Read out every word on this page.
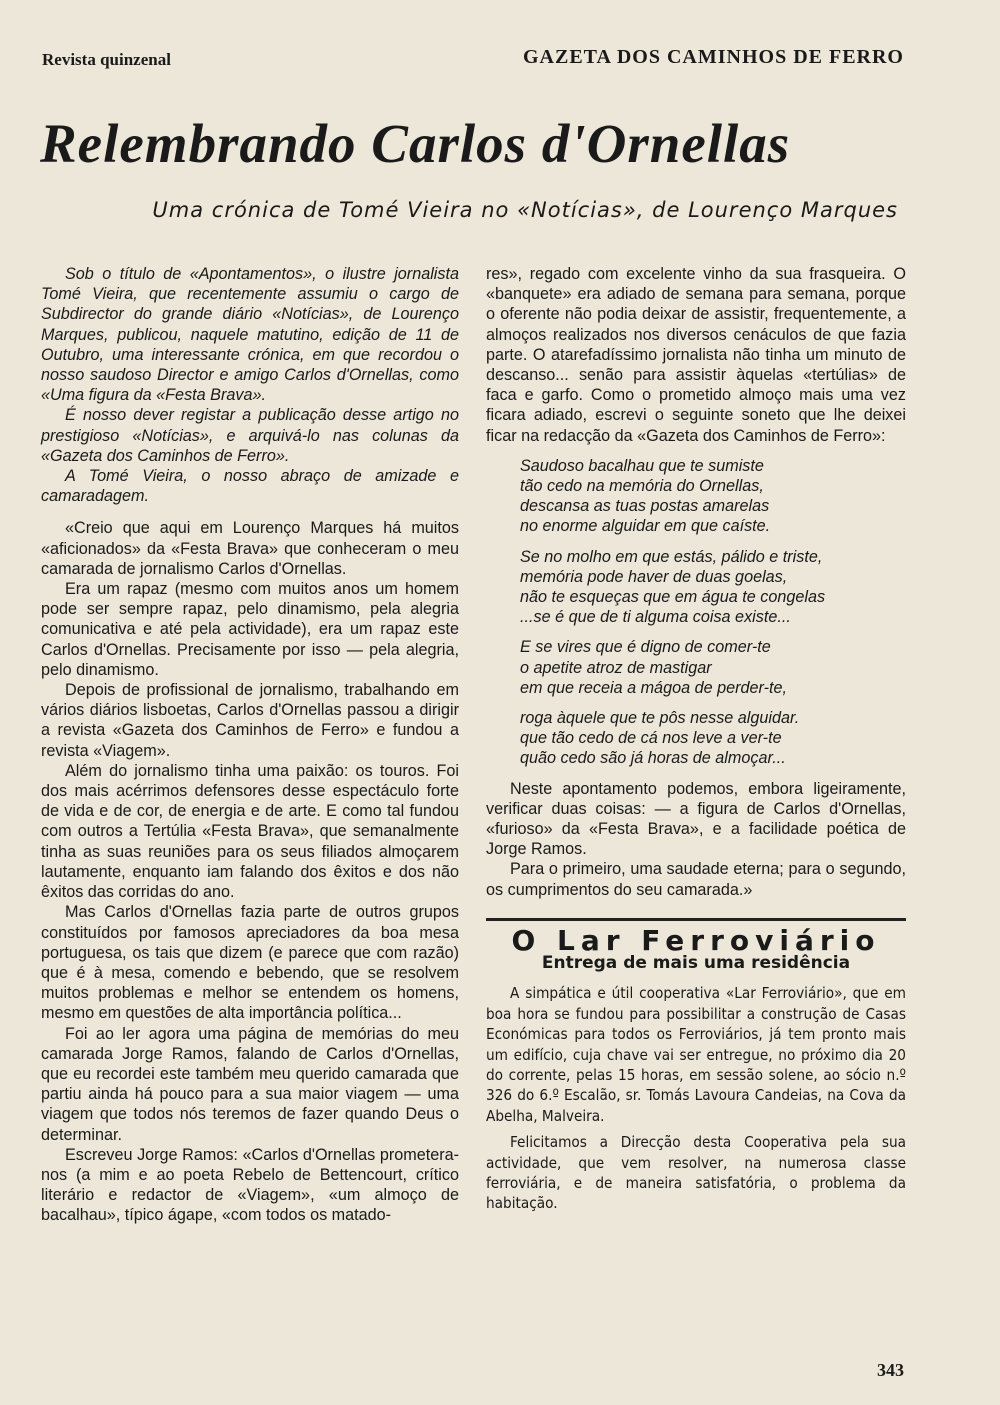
Revista quinzenal	GAZETA DOS CAMINHOS DE FERRO
Relembrando Carlos d'Ornellas
Uma crónica de Tomé Vieira no «Notícias», de Lourenço Marques

Sob o título de «Apontamentos», o ilustre jornalista Tomé Vieira, que recentemente assumiu o cargo de Subdirector do grande diário «Notícias», de Lourenço Marques, publicou, naquele matutino, edição de 11 de Outubro, uma interessante crónica, em que recordou o nosso saudoso Director e amigo Carlos d'Ornellas, como «Uma figura da «Festa Brava».

É nosso dever registar a publicação desse artigo no prestigioso «Notícias», e arquivá-lo nas colunas da «Gazeta dos Caminhos de Ferro».

A Tomé Vieira, o nosso abraço de amizade e camaradagem.

«Creio que aqui em Lourenço Marques há muitos «aficionados» da «Festa Brava» que conheceram o meu camarada de jornalismo Carlos d'Ornellas.

Era um rapaz (mesmo com muitos anos um homem pode ser sempre rapaz, pelo dinamismo, pela alegria comunicativa e até pela actividade), era um rapaz este Carlos d'Ornellas. Precisamente por isso — pela alegria, pelo dinamismo.

Depois de profissional de jornalismo, trabalhando em vários diários lisboetas, Carlos d'Ornellas passou a dirigir a revista «Gazeta dos Caminhos de Ferro» e fundou a revista «Viagem».

Além do jornalismo tinha uma paixão: os touros. Foi dos mais acérrimos defensores desse espectáculo forte de vida e de cor, de energia e de arte. E como tal fundou com outros a Tertúlia «Festa Brava», que semanalmente tinha as suas reuniões para os seus filiados almoçarem lautamente, enquanto iam falando dos êxitos e dos não êxitos das corridas do ano.

Mas Carlos d'Ornellas fazia parte de outros grupos constituídos por famosos apreciadores da boa mesa portuguesa, os tais que dizem (e parece que com razão) que é à mesa, comendo e bebendo, que se resolvem muitos problemas e melhor se entendem os homens, mesmo em questões de alta importância política...

Foi ao ler agora uma página de memórias do meu camarada Jorge Ramos, falando de Carlos d'Ornellas, que eu recordei este também meu querido camarada que partiu ainda há pouco para a sua maior viagem — uma viagem que todos nós teremos de fazer quando Deus o determinar.

Escreveu Jorge Ramos: «Carlos d'Ornellas prometera-nos (a mim e ao poeta Rebelo de Bettencourt, crítico literário e redactor de «Viagem», «um almoço de bacalhau», típico ágape, «com todos os matado-

res», regado com excelente vinho da sua frasqueira. O «banquete» era adiado de semana para semana, porque o oferente não podia deixar de assistir, frequentemente, a almoços realizados nos diversos cenáculos de que fazia parte. O atarefadíssimo jornalista não tinha um minuto de descanso... senão para assistir àquelas «tertúlias» de faca e garfo. Como o prometido almoço mais uma vez ficara adiado, escrevi o seguinte soneto que lhe deixei ficar na redacção da «Gazeta dos Caminhos de Ferro»:

Saudoso bacalhau que te sumiste
tão cedo na memória do Ornellas,
descansa as tuas postas amarelas
no enorme alguidar em que caíste.
Se no molho em que estás, pálido e triste,
memória pode haver de duas goelas,
não te esqueças que em água te congelas
...se é que de ti alguma coisa existe...
E se vires que é digno de comer-te
o apetite atroz de mastigar
em que receia a mágoa de perder-te,
roga àquele que te pôs nesse alguidar.
que tão cedo de cá nos leve a ver-te
quão cedo são já horas de almoçar...

Neste apontamento podemos, embora ligeiramente, verificar duas coisas: — a figura de Carlos d'Ornellas, «furioso» da «Festa Brava», e a facilidade poética de Jorge Ramos.

Para o primeiro, uma saudade eterna; para o segundo, os cumprimentos do seu camarada.»

O Lar Ferroviário
Entrega de mais uma residência

A simpática e útil cooperativa «Lar Ferroviário», que em boa hora se fundou para possibilitar a construção de Casas Económicas para todos os Ferroviários, já tem pronto mais um edifício, cuja chave vai ser entregue, no próximo dia 20 do corrente, pelas 15 horas, em sessão solene, ao sócio n.º 326 do 6.º Escalão, sr. Tomás Lavoura Candeias, na Cova da Abelha, Malveira.

Felicitamos a Direcção desta Cooperativa pela sua actividade, que vem resolver, na numerosa classe ferroviária, e de maneira satisfatória, o problema da habitação.

343
